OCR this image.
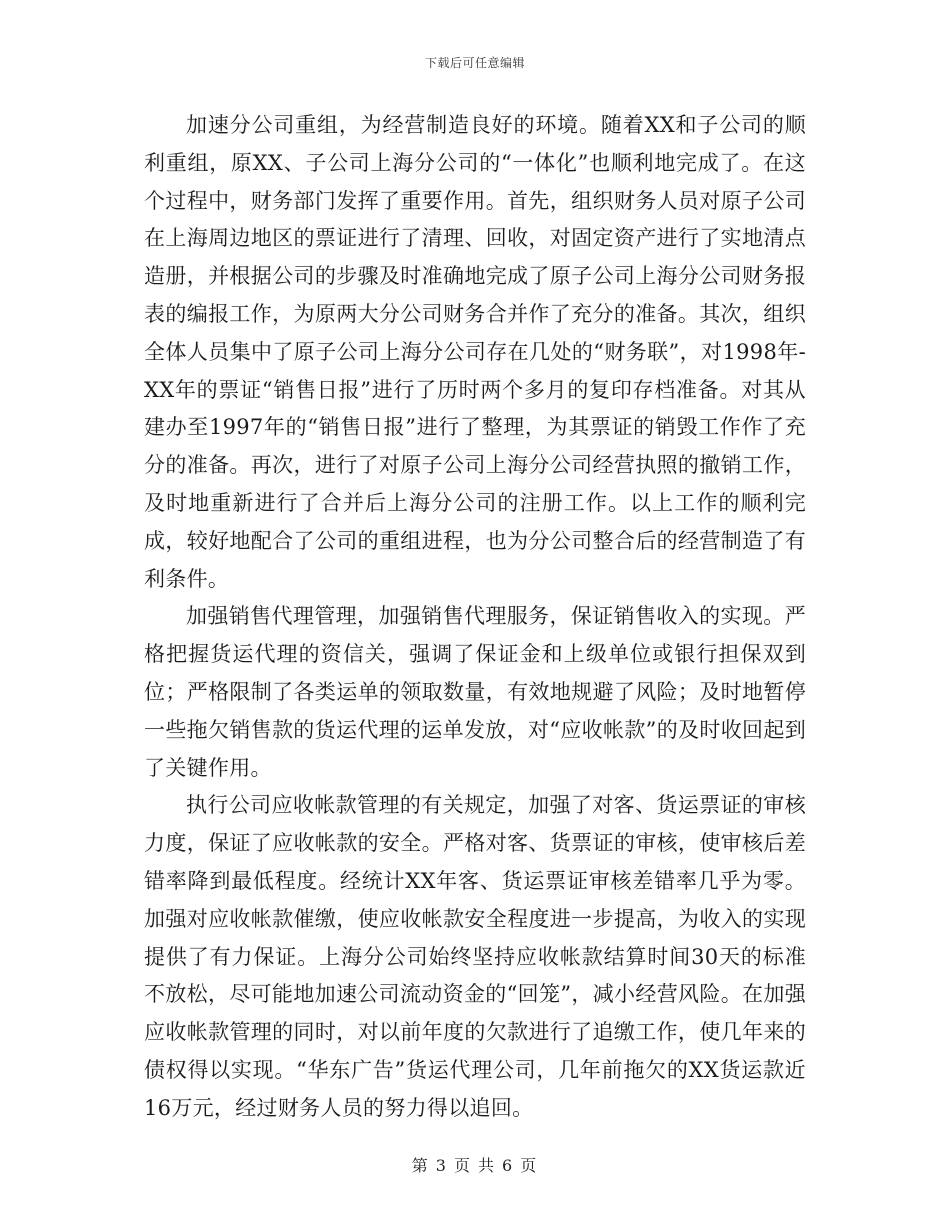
下载后可任意编辑

加速分公司重组，为经营制造良好的环境。随着XX和子公司的顺利重组，原XX、子公司上海分公司的“一体化”也顺利地完成了。在这个过程中，财务部门发挥了重要作用。首先，组织财务人员对原子公司在上海周边地区的票证进行了清理、回收，对固定资产进行了实地清点造册，并根据公司的步骤及时准确地完成了原子公司上海分公司财务报表的编报工作，为原两大分公司财务合并作了充分的准备。其次，组织全体人员集中了原子公司上海分公司存在几处的“财务联”，对1998年-XX年的票证“销售日报”进行了历时两个多月的复印存档准备。对其从建办至1997年的“销售日报”进行了整理，为其票证的销毁工作作了充分的准备。再次，进行了对原子公司上海分公司经营执照的撤销工作，及时地重新进行了合并后上海分公司的注册工作。以上工作的顺利完成，较好地配合了公司的重组进程，也为分公司整合后的经营制造了有利条件。

加强销售代理管理，加强销售代理服务，保证销售收入的实现。严格把握货运代理的资信关，强调了保证金和上级单位或银行担保双到位；严格限制了各类运单的领取数量，有效地规避了风险；及时地暂停一些拖欠销售款的货运代理的运单发放，对“应收帐款”的及时收回起到了关键作用。

执行公司应收帐款管理的有关规定，加强了对客、货运票证的审核力度，保证了应收帐款的安全。严格对客、货票证的审核，使审核后差错率降到最低程度。经统计XX年客、货运票证审核差错率几乎为零。加强对应收帐款催缴，使应收帐款安全程度进一步提高，为收入的实现提供了有力保证。上海分公司始终坚持应收帐款结算时间30天的标准不放松，尽可能地加速公司流动资金的“回笼”，减小经营风险。在加强应收帐款管理的同时，对以前年度的欠款进行了追缴工作，使几年来的债权得以实现。“华东广告”货运代理公司，几年前拖欠的XX货运款近16万元，经过财务人员的努力得以追回。

第 3 页 共 6 页
